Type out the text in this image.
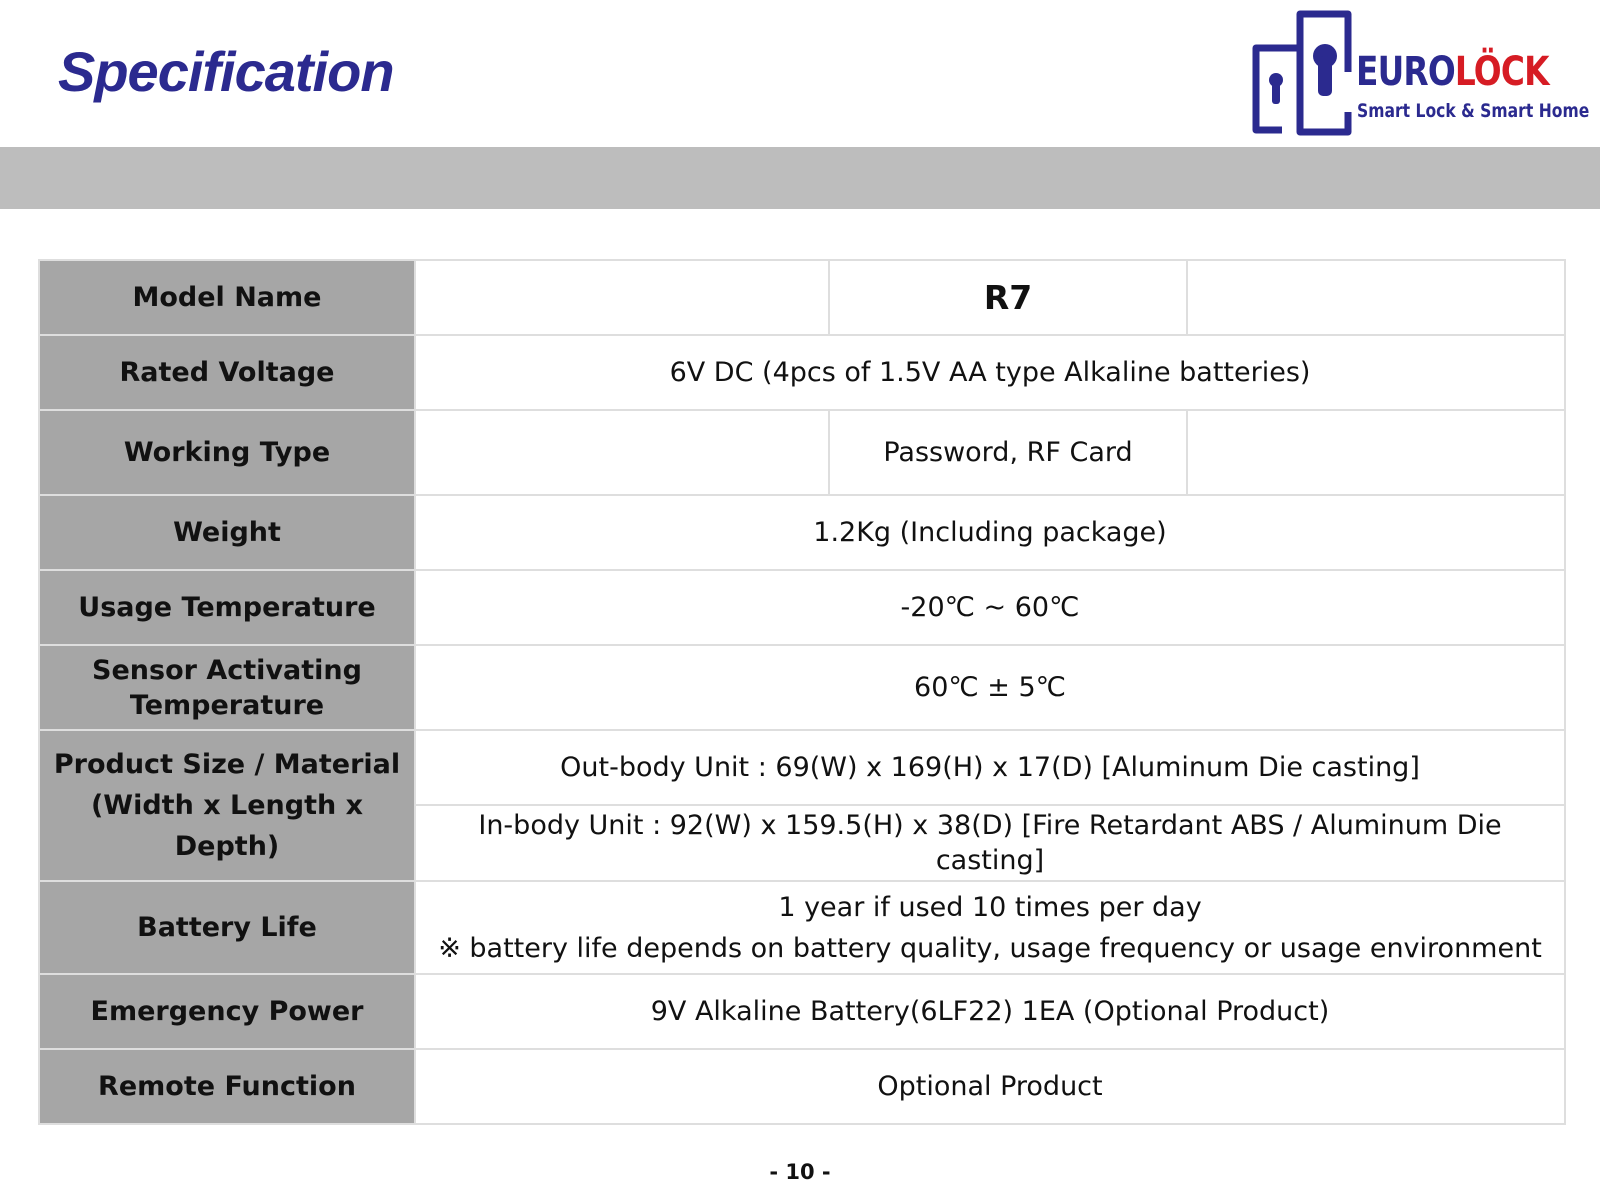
Specification	EUROLÖCK
Smart Lock & Smart Home
Model Name		R7	
Rated Voltage	6V DC (4pcs of 1.5V AA type Alkaline batteries)		
Working Type		Password, RF Card	
Weight	1.2Kg (Including package)		
Usage Temperature	-20℃ ~ 60℃		

Sensor Activating
Temperature	60℃ ± 5℃		

Product Size / Material
(Width x Length x Depth)	Out-body Unit : 69(W) x 169(H) x 17(D) [Aluminum Die casting]		
	In-body Unit : 92(W) x 159.5(H) x 38(D) [Fire Retardant ABS / Aluminum Die casting]		
Battery Life	1 year if used 10 times per day
※ battery life depends on battery quality, usage frequency or usage environment		

Emergency Power	9V Alkaline Battery(6LF22) 1EA (Optional Product)		
Remote Function	Optional Product		
- 10 -
